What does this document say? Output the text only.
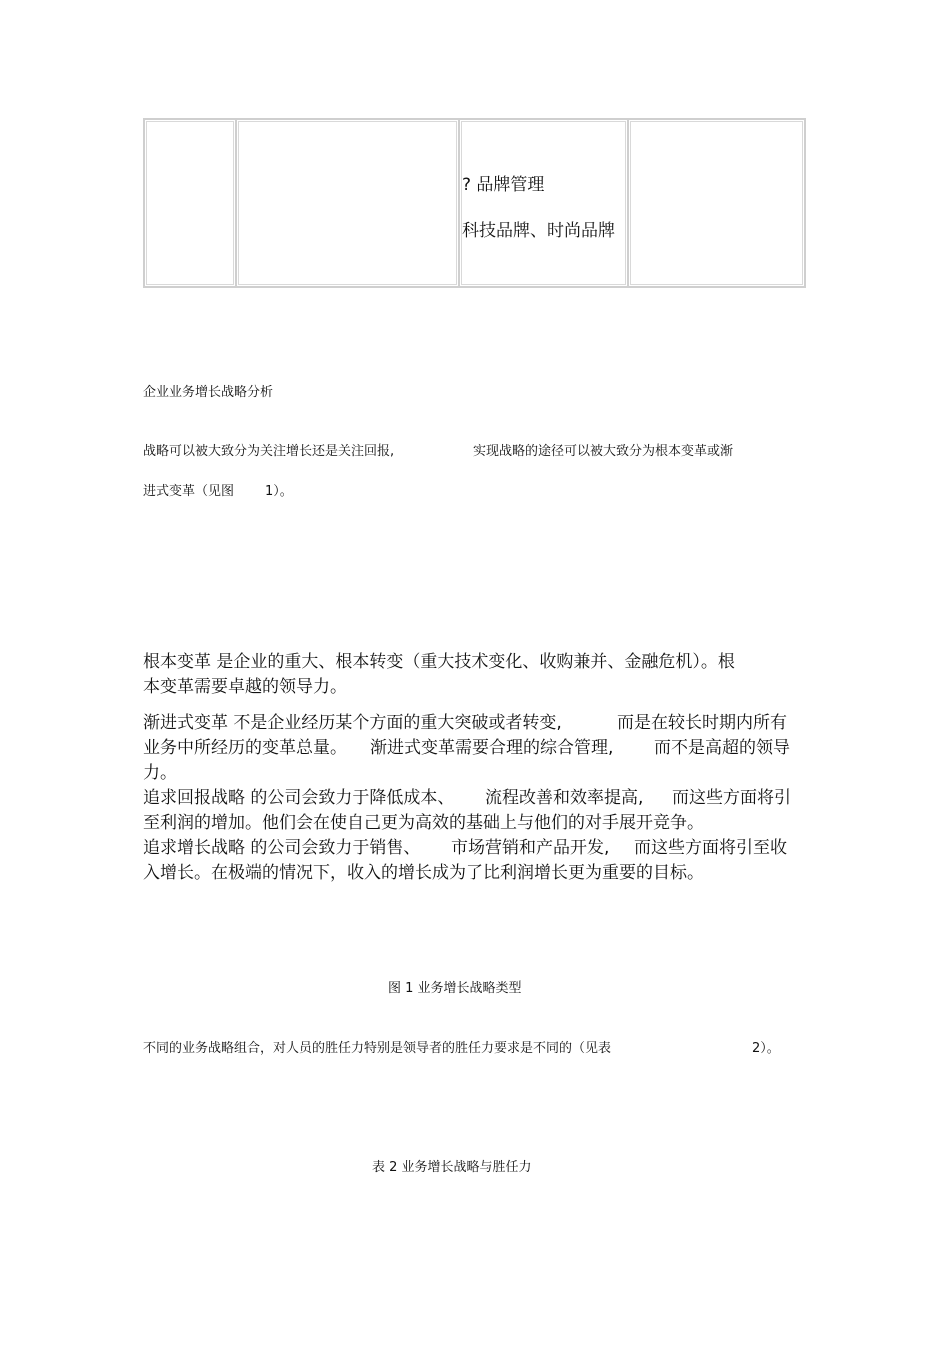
? 品牌管理
科技品牌、时尚品牌
企业业务增长战略分析
战略可以被大致分为关注增长还是关注回报,	实现战略的途径可以被大致分为根本变革或渐
进式变革（见图 1）。
根本变革 是企业的重大、根本转变（重大技术变化、收购兼并、金融危机）。根
本变革需要卓越的领导力。
渐进式变革 不是企业经历某个方面的重大突破或者转变,	而是在较长时期内所有
业务中所经历的变革总量。 渐进式变革需要合理的综合管理, 而不是高超的领导
力。
追求回报战略 的公司会致力于降低成本、 流程改善和效率提高, 而这些方面将引
至利润的增加。他们会在使自己更为高效的基础上与他们的对手展开竞争。
追求增长战略 的公司会致力于销售、 市场营销和产品开发, 而这些方面将引至收
入增长。在极端的情况下，收入的增长成为了比利润增长更为重要的目标。
图 1 业务增长战略类型
不同的业务战略组合，对人员的胜任力特别是领导者的胜任力要求是不同的（见表	2）。
表 2 业务增长战略与胜任力
